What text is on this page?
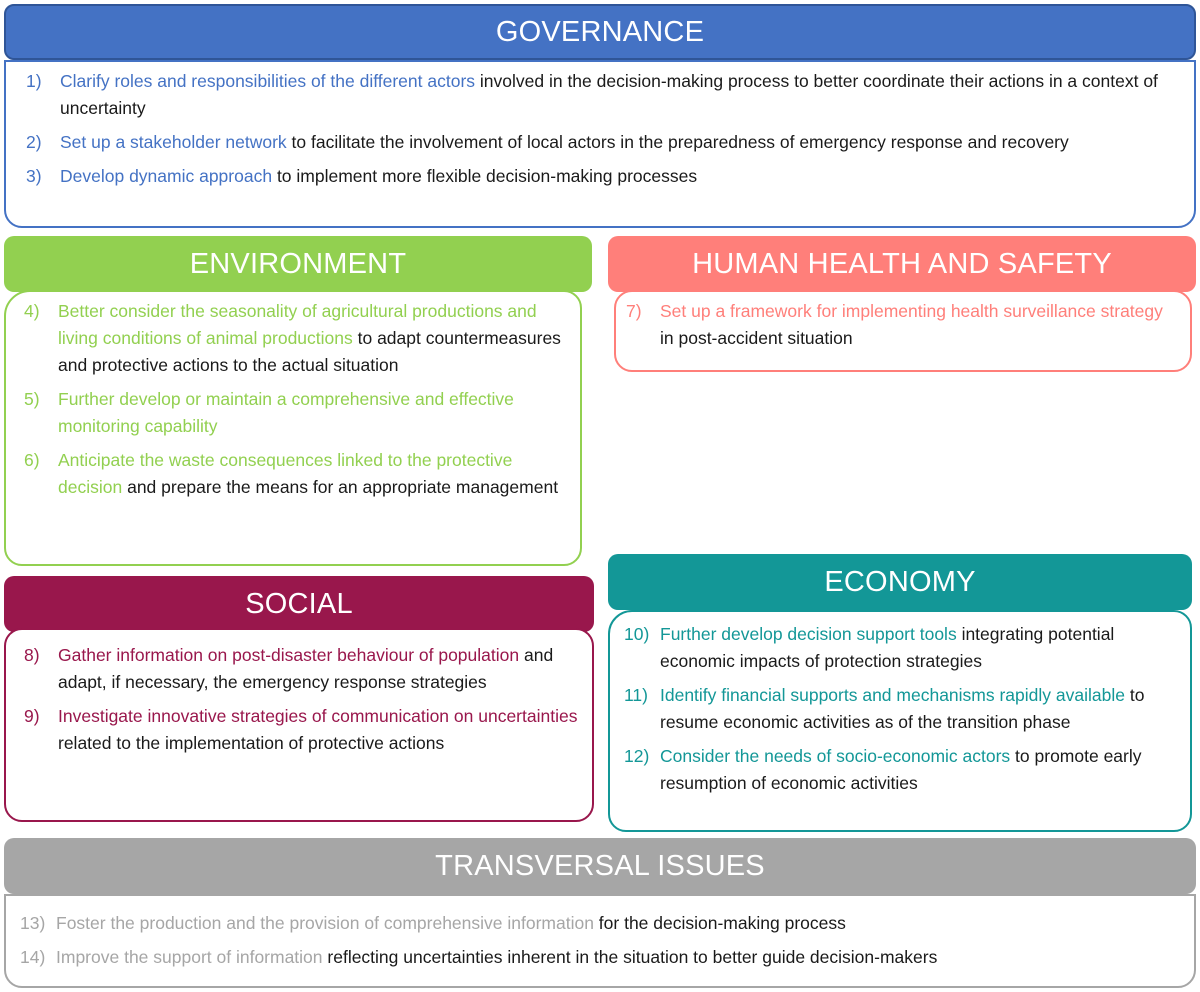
GOVERNANCE
1)	Clarify roles and responsibilities of the different actors involved in the decision-making process to better coordinate their actions in a context of uncertainty
2)	Set up a stakeholder network to facilitate the involvement of local actors in the preparedness of emergency response and recovery
3)	Develop dynamic approach to implement more flexible decision-making processes
ENVIRONMENT
4)	Better consider the seasonality of agricultural productions and living conditions of animal productions to adapt countermeasures and protective actions to the actual situation
5)	Further develop or maintain a comprehensive and effective monitoring capability
6)	Anticipate the waste consequences linked to the protective decision and prepare the means for an appropriate management
HUMAN HEALTH AND SAFETY
7)	Set up a framework for implementing health surveillance strategy in post-accident situation
SOCIAL
8)	Gather information on post-disaster behaviour of population and adapt, if necessary, the emergency response strategies
9)	Investigate innovative strategies of communication on uncertainties related to the implementation of protective actions
ECONOMY
10) Further develop decision support tools integrating potential economic impacts of protection strategies
11) Identify financial supports and mechanisms rapidly available to resume economic activities as of the transition phase
12) Consider the needs of socio-economic actors to promote early resumption of economic activities
TRANSVERSAL ISSUES
13) Foster the production and the provision of comprehensive information for the decision-making process
14) Improve the support of information reflecting uncertainties inherent in the situation to better guide decision-makers
